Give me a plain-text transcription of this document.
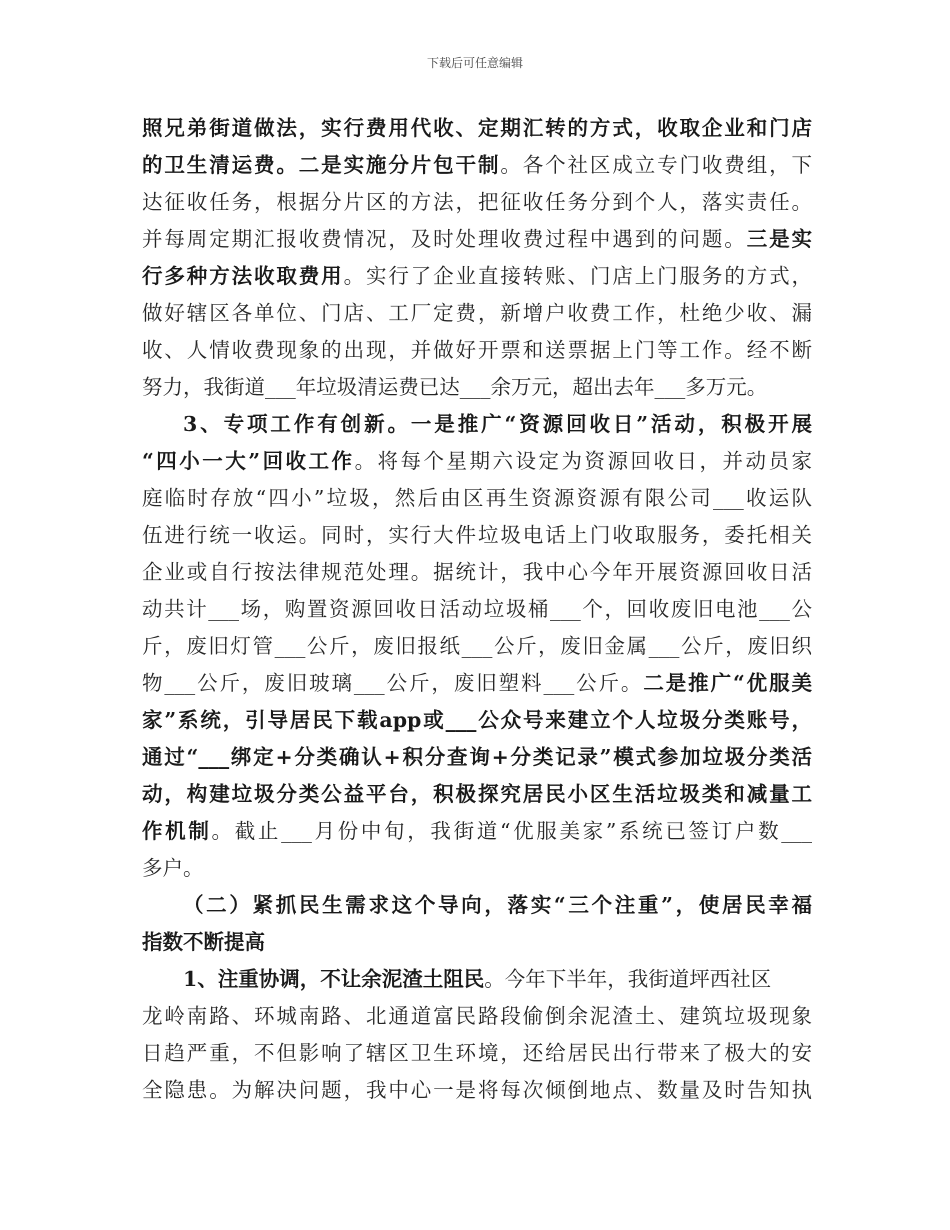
下载后可任意编辑
照兄弟街道做法，实行费用代收、定期汇转的方式，收取企业和门店
的卫生清运费。二是实施分片包干制。各个社区成立专门收费组，下
达征收任务，根据分片区的方法，把征收任务分到个人，落实责任。
并每周定期汇报收费情况，及时处理收费过程中遇到的问题。三是实
行多种方法收取费用。实行了企业直接转账、门店上门服务的方式，
做好辖区各单位、门店、工厂定费，新增户收费工作，杜绝少收、漏
收、人情收费现象的出现，并做好开票和送票据上门等工作。经不断
努力，我街道___年垃圾清运费已达___余万元，超出去年___多万元。
3、专项工作有创新。一是推广“资源回收日”活动，积极开展
“四小一大”回收工作。将每个星期六设定为资源回收日，并动员家
庭临时存放“四小”垃圾，然后由区再生资源资源有限公司___收运队
伍进行统一收运。同时，实行大件垃圾电话上门收取服务，委托相关
企业或自行按法律规范处理。据统计，我中心今年开展资源回收日活
动共计___场，购置资源回收日活动垃圾桶___个，回收废旧电池___公
斤，废旧灯管___公斤，废旧报纸___公斤，废旧金属___公斤，废旧织
物___公斤，废旧玻璃___公斤，废旧塑料___公斤。二是推广“优服美
家”系统，引导居民下载app或___公众号来建立个人垃圾分类账号，
通过“___绑定+分类确认+积分查询+分类记录”模式参加垃圾分类活
动，构建垃圾分类公益平台，积极探究居民小区生活垃圾类和减量工
作机制。截止___月份中旬，我街道“优服美家”系统已签订户数___
多户。
（二）紧抓民生需求这个导向，落实“三个注重”，使居民幸福
指数不断提高
1、注重协调，不让余泥渣土阻民。今年下半年，我街道坪西社区
龙岭南路、环城南路、北通道富民路段偷倒余泥渣土、建筑垃圾现象
日趋严重，不但影响了辖区卫生环境，还给居民出行带来了极大的安
全隐患。为解决问题，我中心一是将每次倾倒地点、数量及时告知执
